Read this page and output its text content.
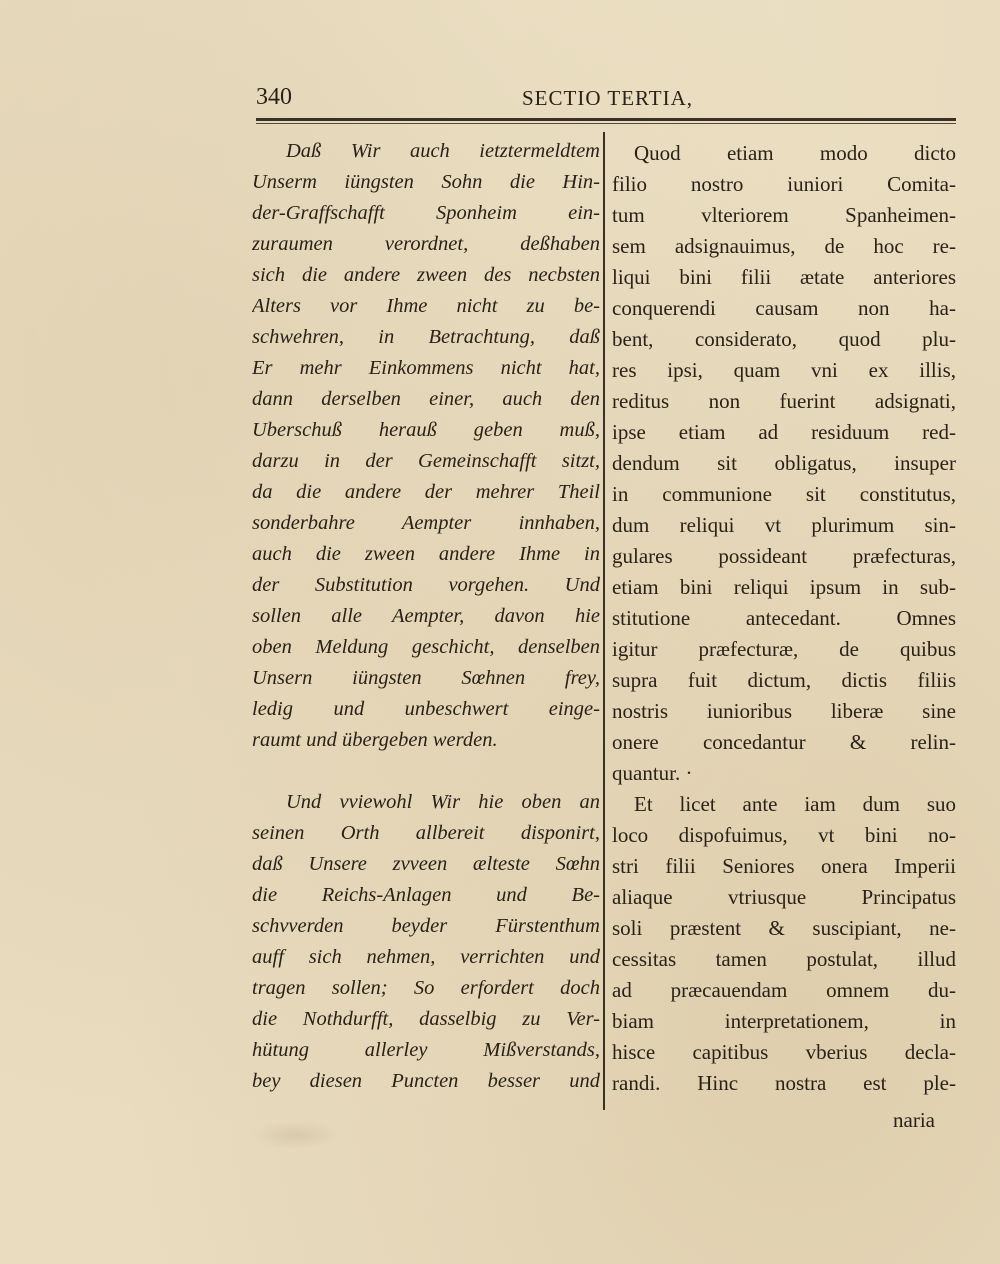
340	SECTIO TERTIA,
Daß Wir auch ietztermeldtem
Unserm iüngsten Sohn die Hin-
der-Graffschafft Sponheim ein-
zuraumen verordnet, deßhaben
sich die andere zween des necbsten
Alters vor Ihme nicht zu be-
schwehren, in Betrachtung, daß
Er mehr Einkommens nicht hat,
dann derselben einer, auch den
Uberschuß herauß geben muß,
darzu in der Gemeinschafft sitzt,
da die andere der mehrer Theil
sonderbahre Aempter innhaben,
auch die zween andere Ihme in
der Substitution vorgehen. Und
sollen alle Aempter, davon hie
oben Meldung geschicht, denselben
Unsern iüngsten Sœhnen frey,
ledig und unbeschwert einge-
raumt und übergeben werden.
Und vviewohl Wir hie oben an
seinen Orth allbereit disponirt,
daß Unsere zvveen ælteste Sœhn
die Reichs-Anlagen und Be-
schvverden beyder Fürstenthum
auff sich nehmen, verrichten und
tragen sollen; So erfordert doch
die Nothdurfft, dasselbig zu Ver-
hütung allerley Mißverstands,
bey diesen Puncten besser und
Quod etiam modo dicto
filio nostro iuniori Comita-
tum vlteriorem Spanheimen-
sem adsignauimus, de hoc re-
liqui bini filii ætate anteriores
conquerendi causam non ha-
bent, considerato, quod plu-
res ipsi, quam vni ex illis,
reditus non fuerint adsignati,
ipse etiam ad residuum red-
dendum sit obligatus, insuper
in communione sit constitutus,
dum reliqui vt plurimum sin-
gulares possideant præfecturas,
etiam bini reliqui ipsum in sub-
stitutione antecedant. Omnes
igitur præfecturæ, de quibus
supra fuit dictum, dictis filiis
nostris iunioribus liberæ sine
onere concedantur & relin-
quantur. ·
Et licet ante iam dum suo
loco dispofuimus, vt bini no-
stri filii Seniores onera Imperii
aliaque vtriusque Principatus
soli præstent & suscipiant, ne-
cessitas tamen postulat, illud
ad præcauendam omnem du-
biam interpretationem, in
hisce capitibus vberius decla-
randi. Hinc nostra est ple-
naria
